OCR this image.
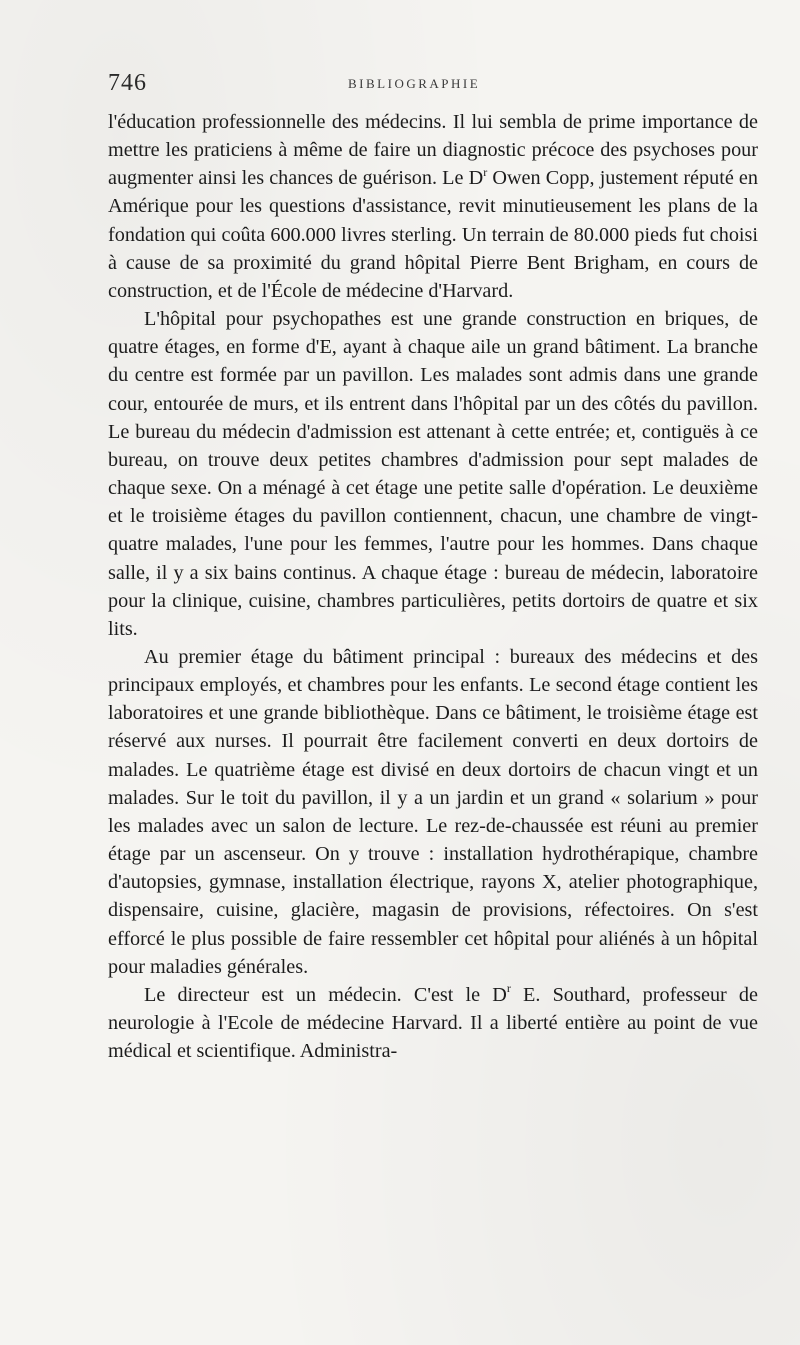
746	BIBLIOGRAPHIE

l'éducation professionnelle des médecins. Il lui sembla de prime importance de mettre les praticiens à même de faire un diagnostic précoce des psychoses pour augmenter ainsi les chances de guérison. Le $D^r$ Owen Copp, justement réputé en Amérique pour les questions d'assistance, revit minutieusement les plans de la fondation qui coûta 600.000 livres sterling. Un terrain de 80.000 pieds fut choisi à cause de sa proximité du grand hôpital Pierre Bent Brigham, en cours de construction, et de l'École de médecine d'Harvard.

L'hôpital pour psychopathes est une grande construction en briques, de quatre étages, en forme d'E, ayant à chaque aile un grand bâtiment. La branche du centre est formée par un pavillon. Les malades sont admis dans une grande cour, entourée de murs, et ils entrent dans l'hôpital par un des côtés du pavillon. Le bureau du médecin d'admission est attenant à cette entrée; et, contiguës à ce bureau, on trouve deux petites chambres d'admission pour sept malades de chaque sexe. On a ménagé à cet étage une petite salle d'opération. Le deuxième et le troisième étages du pavillon contiennent, chacun, une chambre de vingt-quatre malades, l'une pour les femmes, l'autre pour les hommes. Dans chaque salle, il y a six bains continus. A chaque étage : bureau de médecin, laboratoire pour la clinique, cuisine, chambres particulières, petits dortoirs de quatre et six lits.

Au premier étage du bâtiment principal : bureaux des médecins et des principaux employés, et chambres pour les enfants. Le second étage contient les laboratoires et une grande bibliothèque. Dans ce bâtiment, le troisième étage est réservé aux nurses. Il pourrait être facilement converti en deux dortoirs de malades. Le quatrième étage est divisé en deux dortoirs de chacun vingt et un malades. Sur le toit du pavillon, il y a un jardin et un grand « solarium » pour les malades avec un salon de lecture. Le rez-de-chaussée est réuni au premier étage par un ascenseur. On y trouve : installation hydrothérapique, chambre d'autopsies, gymnase, installation électrique, rayons X, atelier photographique, dispensaire, cuisine, glacière, magasin de provisions, réfectoires. On s'est efforcé le plus possible de faire ressembler cet hôpital pour aliénés à un hôpital pour maladies générales.

Le directeur est un médecin. C'est le $D^r$ E. Southard, professeur de neurologie à l'Ecole de médecine Harvard. Il a liberté entière au point de vue médical et scientifique. Administra-
